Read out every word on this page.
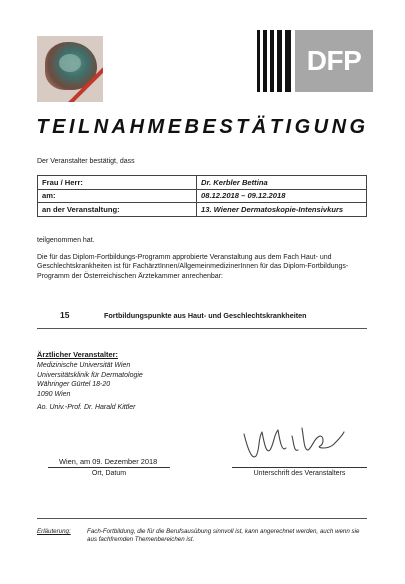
DFP
TEILNAHMEBESTÄTIGUNG
Der Veranstalter bestätigt, dass
Frau / Herr:	Dr. Kerbler Bettina
am:	08.12.2018 – 09.12.2018
an der Veranstaltung:	13. Wiener Dermatoskopie-Intensivkurs
teilgenommen hat.
Die für das Diplom-Fortbildungs-Programm approbierte Veranstaltung aus dem Fach Haut- und Geschlechtskrankheiten ist für FachärztInnen/AllgemeinmedizinerInnen für das Diplom-Fortbildungs-Programm der Österreichischen Ärztekammer anrechenbar:
15	Fortbildungspunkte aus Haut- und Geschlechtskrankheiten
Ärztlicher Veranstalter:
Medizinische Universität Wien
Universitätsklinik für Dermatologie
Währinger Gürtel 18-20
1090 Wien
Ao. Univ.-Prof. Dr. Harald Kittler
Wien, am 09. Dezember 2018
Ort, Datum	Unterschrift des Veranstalters
Erläuterung:	Fach-Fortbildung, die für die Berufsausübung sinnvoll ist, kann angerechnet werden, auch wenn sie aus fachfremden Themenbereichen ist.
